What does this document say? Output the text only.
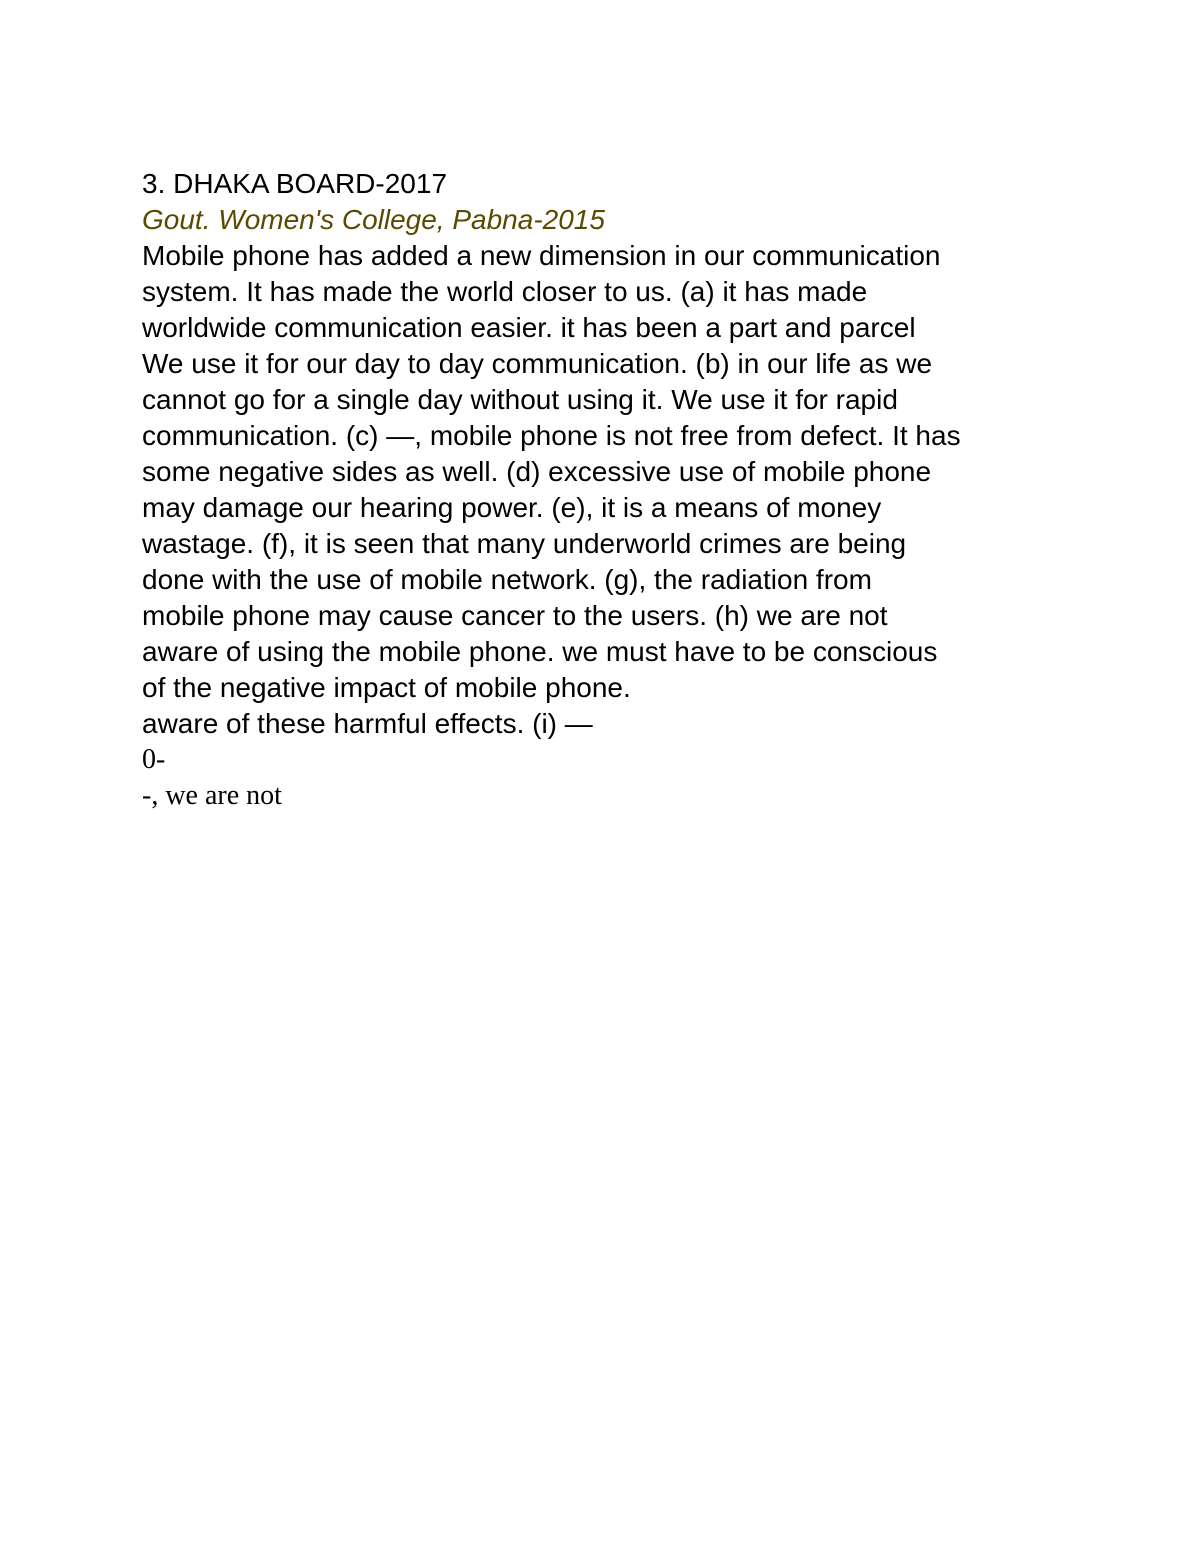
3. DHAKA BOARD-2017
Gout. Women's College, Pabna-2015
Mobile phone has added a new dimension in our communication
system. It has made the world closer to us. (a) it has made
worldwide communication easier. it has been a part and parcel
We use it for our day to day communication. (b) in our life as we
cannot go for a single day without using it. We use it for rapid
communication. (c) —, mobile phone is not free from defect. It has
some negative sides as well. (d) excessive use of mobile phone
may damage our hearing power. (e), it is a means of money
wastage. (f), it is seen that many underworld crimes are being
done with the use of mobile network. (g), the radiation from
mobile phone may cause cancer to the users. (h) we are not
aware of using the mobile phone. we must have to be conscious
of the negative impact of mobile phone.
aware of these harmful effects. (i) —
0-
-, we are not
